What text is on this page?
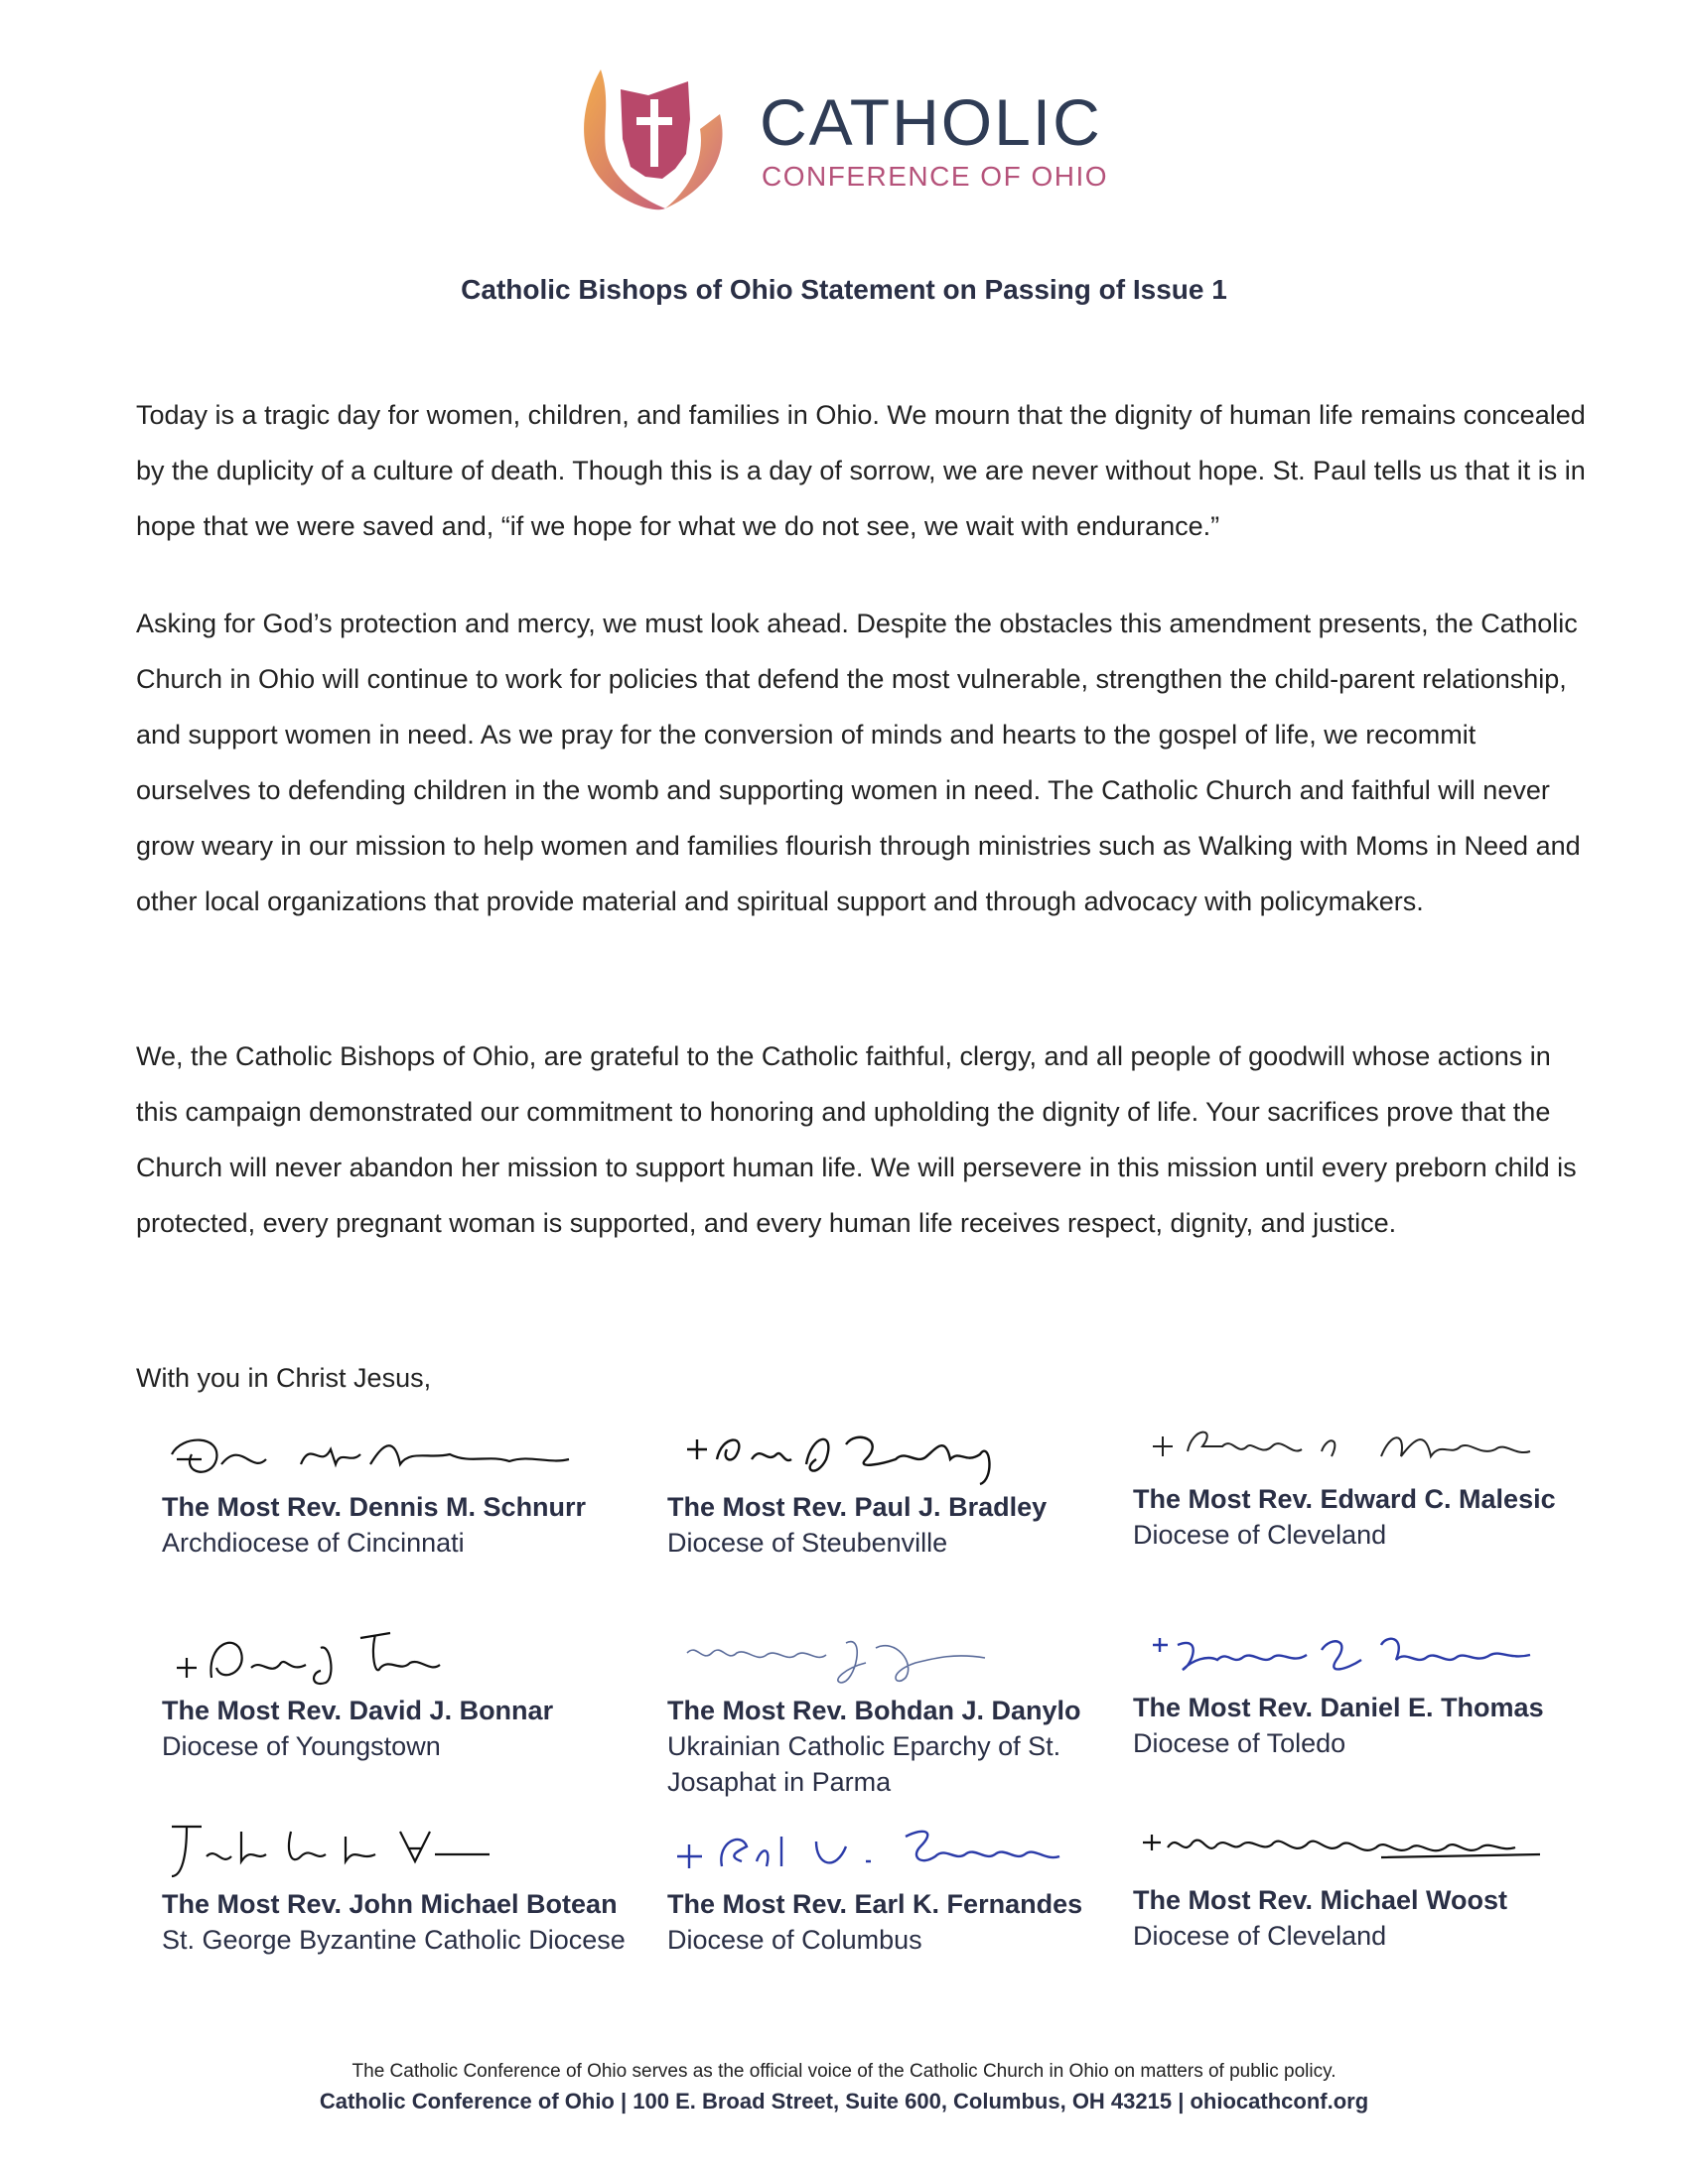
CATHOLIC
CONFERENCE OF OHIO
Catholic Bishops of Ohio Statement on Passing of Issue 1
Today is a tragic day for women, children, and families in Ohio. We mourn that the dignity of human life remains concealed by the duplicity of a culture of death. Though this is a day of sorrow, we are never without hope. St. Paul tells us that it is in hope that we were saved and, “if we hope for what we do not see, we wait with endurance.”
Asking for God’s protection and mercy, we must look ahead. Despite the obstacles this amendment presents, the Catholic Church in Ohio will continue to work for policies that defend the most vulnerable, strengthen the child-parent relationship, and support women in need. As we pray for the conversion of minds and hearts to the gospel of life, we recommit ourselves to defending children in the womb and supporting women in need. The Catholic Church and faithful will never grow weary in our mission to help women and families flourish through ministries such as Walking with Moms in Need and other local organizations that provide material and spiritual support and through advocacy with policymakers.
We, the Catholic Bishops of Ohio, are grateful to the Catholic faithful, clergy, and all people of goodwill whose actions in this campaign demonstrated our commitment to honoring and upholding the dignity of life. Your sacrifices prove that the Church will never abandon her mission to support human life. We will persevere in this mission until every preborn child is protected, every pregnant woman is supported, and every human life receives respect, dignity, and justice.
With you in Christ Jesus,
The Most Rev. Dennis M. Schnurr
Archdiocese of Cincinnati
The Most Rev. Paul J. Bradley
Diocese of Steubenville
The Most Rev. Edward C. Malesic
Diocese of Cleveland
The Most Rev. David J. Bonnar
Diocese of Youngstown
The Most Rev. Bohdan J. Danylo
Ukrainian Catholic Eparchy of St. Josaphat in Parma
The Most Rev. Daniel E. Thomas
Diocese of Toledo
The Most Rev. John Michael Botean
St. George Byzantine Catholic Diocese
The Most Rev. Earl K. Fernandes
Diocese of Columbus
The Most Rev. Michael Woost
Diocese of Cleveland
The Catholic Conference of Ohio serves as the official voice of the Catholic Church in Ohio on matters of public policy.
Catholic Conference of Ohio | 100 E. Broad Street, Suite 600, Columbus, OH 43215 | ohiocathconf.org
